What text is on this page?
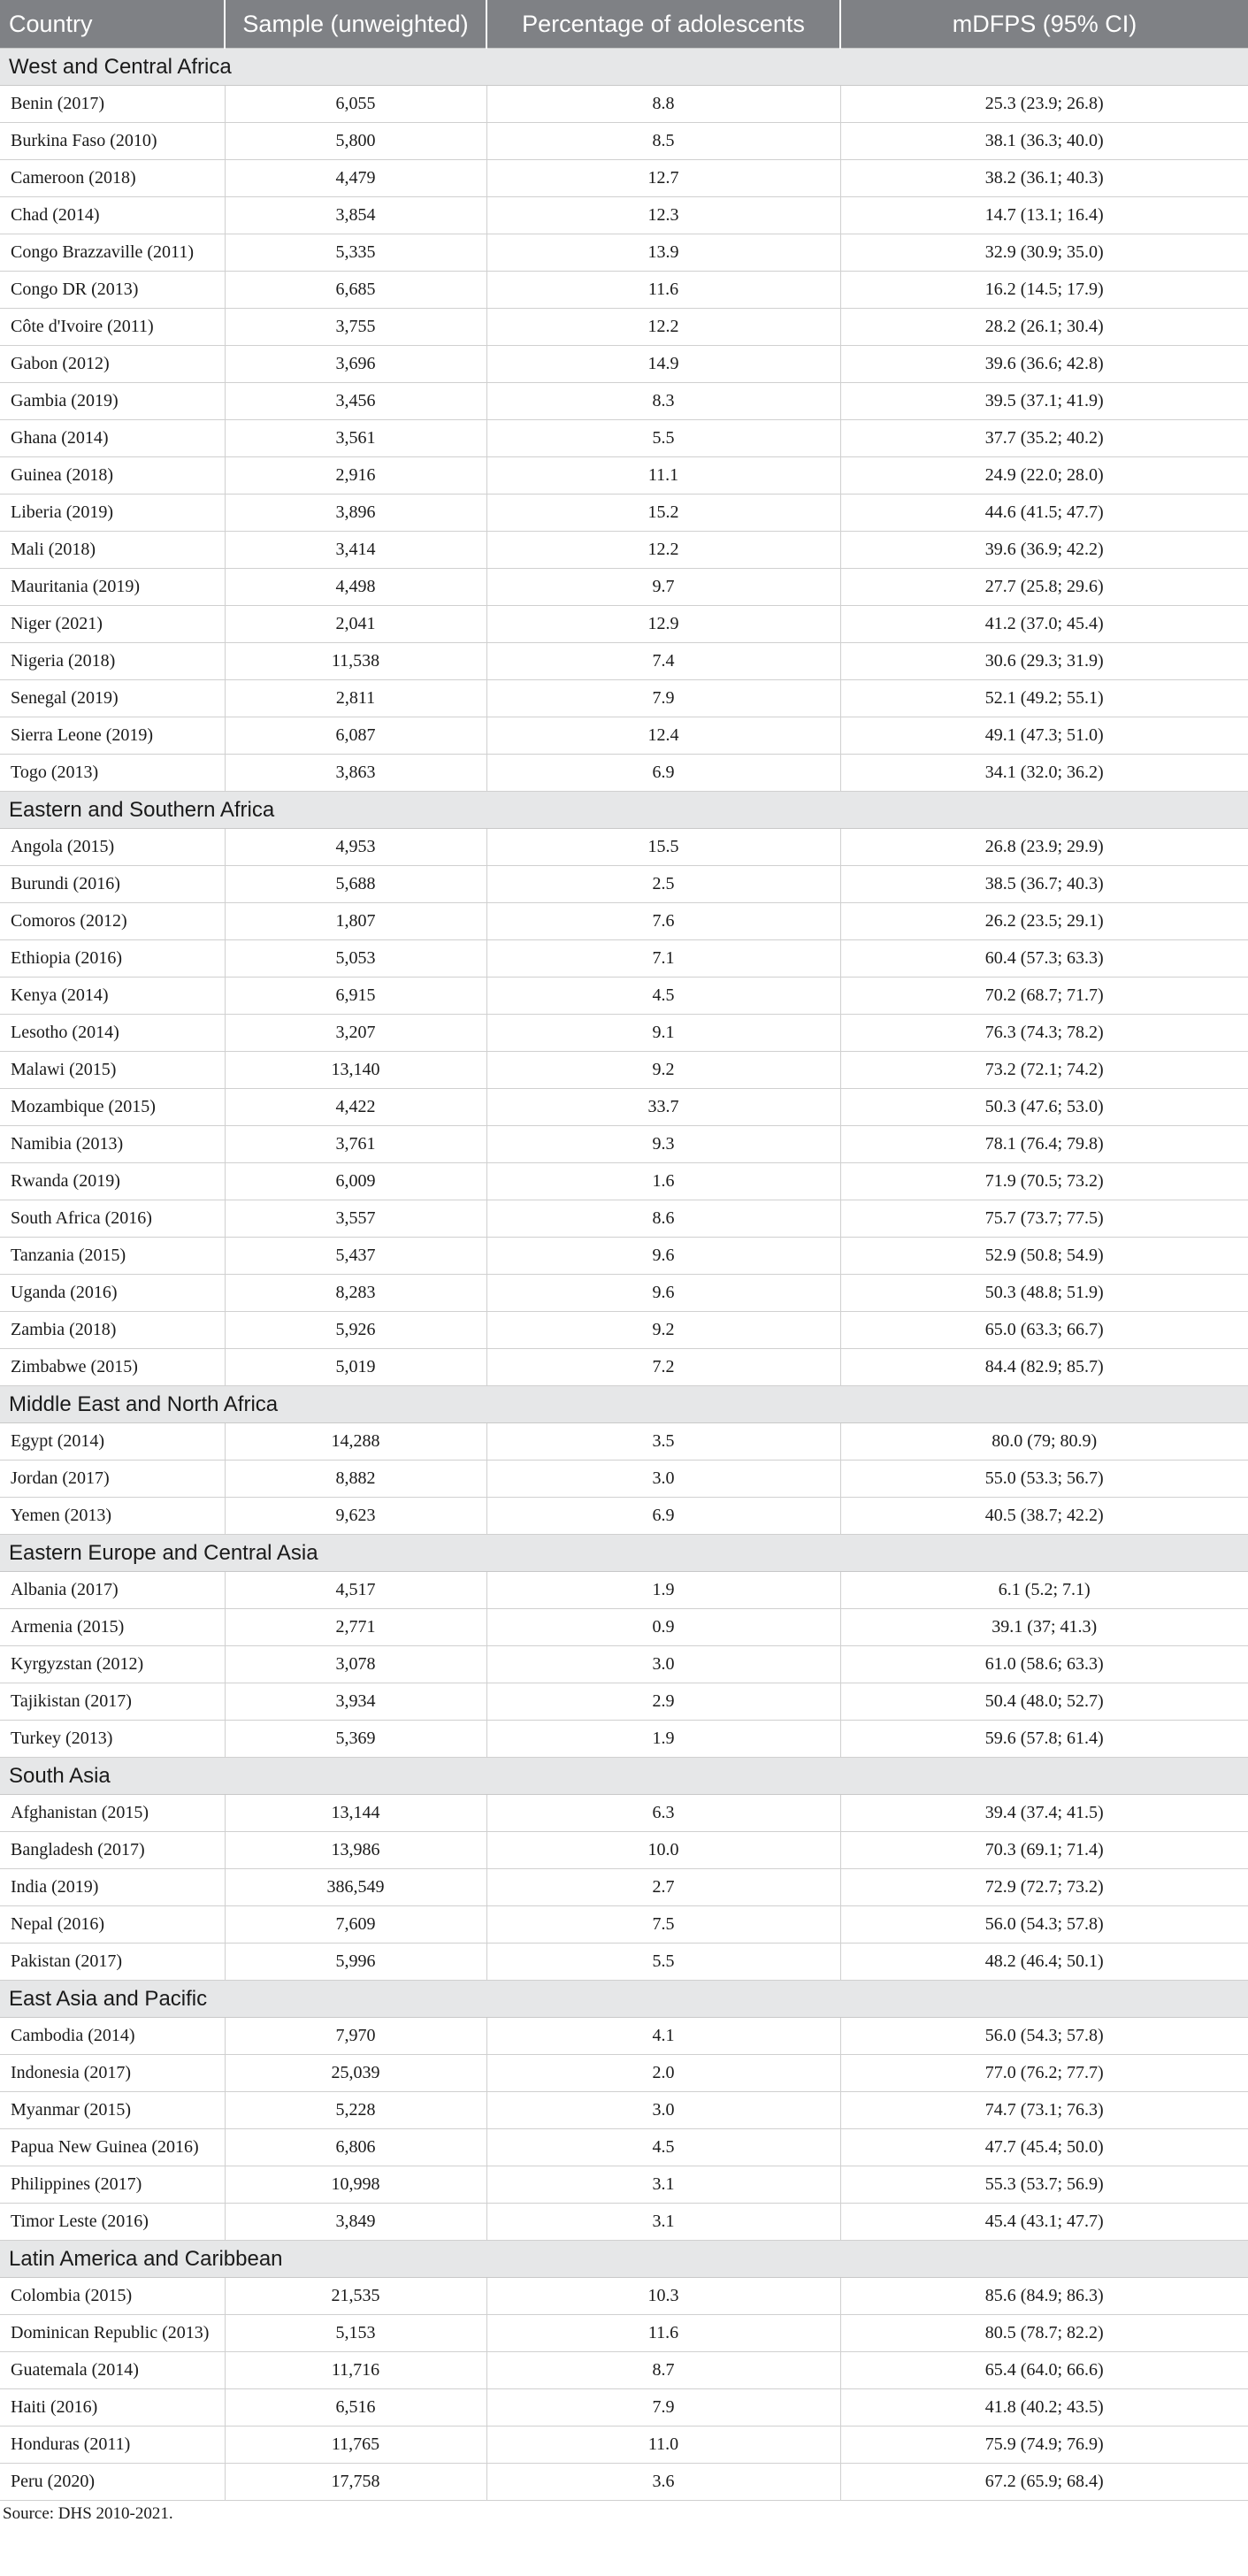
Country	Sample (unweighted)	Percentage of adolescents	mDFPS (95% CI)
West and Central Africa			
Benin (2017)	6,055	8.8	25.3 (23.9; 26.8)
Burkina Faso (2010)	5,800	8.5	38.1 (36.3; 40.0)
Cameroon (2018)	4,479	12.7	38.2 (36.1; 40.3)
Chad (2014)	3,854	12.3	14.7 (13.1; 16.4)
Congo Brazzaville (2011)	5,335	13.9	32.9 (30.9; 35.0)
Congo DR (2013)	6,685	11.6	16.2 (14.5; 17.9)
Côte d'Ivoire (2011)	3,755	12.2	28.2 (26.1; 30.4)
Gabon (2012)	3,696	14.9	39.6 (36.6; 42.8)
Gambia (2019)	3,456	8.3	39.5 (37.1; 41.9)
Ghana (2014)	3,561	5.5	37.7 (35.2; 40.2)
Guinea (2018)	2,916	11.1	24.9 (22.0; 28.0)
Liberia (2019)	3,896	15.2	44.6 (41.5; 47.7)
Mali (2018)	3,414	12.2	39.6 (36.9; 42.2)
Mauritania (2019)	4,498	9.7	27.7 (25.8; 29.6)
Niger (2021)	2,041	12.9	41.2 (37.0; 45.4)
Nigeria (2018)	11,538	7.4	30.6 (29.3; 31.9)
Senegal (2019)	2,811	7.9	52.1 (49.2; 55.1)
Sierra Leone (2019)	6,087	12.4	49.1 (47.3; 51.0)
Togo (2013)	3,863	6.9	34.1 (32.0; 36.2)
Eastern and Southern Africa			
Angola (2015)	4,953	15.5	26.8 (23.9; 29.9)
Burundi (2016)	5,688	2.5	38.5 (36.7; 40.3)
Comoros (2012)	1,807	7.6	26.2 (23.5; 29.1)
Ethiopia (2016)	5,053	7.1	60.4 (57.3; 63.3)
Kenya (2014)	6,915	4.5	70.2 (68.7; 71.7)
Lesotho (2014)	3,207	9.1	76.3 (74.3; 78.2)
Malawi (2015)	13,140	9.2	73.2 (72.1; 74.2)
Mozambique (2015)	4,422	33.7	50.3 (47.6; 53.0)
Namibia (2013)	3,761	9.3	78.1 (76.4; 79.8)
Rwanda (2019)	6,009	1.6	71.9 (70.5; 73.2)
South Africa (2016)	3,557	8.6	75.7 (73.7; 77.5)
Tanzania (2015)	5,437	9.6	52.9 (50.8; 54.9)
Uganda (2016)	8,283	9.6	50.3 (48.8; 51.9)
Zambia (2018)	5,926	9.2	65.0 (63.3; 66.7)
Zimbabwe (2015)	5,019	7.2	84.4 (82.9; 85.7)
Middle East and North Africa			
Egypt (2014)	14,288	3.5	80.0 (79; 80.9)
Jordan (2017)	8,882	3.0	55.0 (53.3; 56.7)
Yemen (2013)	9,623	6.9	40.5 (38.7; 42.2)
Eastern Europe and Central Asia			
Albania (2017)	4,517	1.9	6.1 (5.2; 7.1)
Armenia (2015)	2,771	0.9	39.1 (37; 41.3)
Kyrgyzstan (2012)	3,078	3.0	61.0 (58.6; 63.3)
Tajikistan (2017)	3,934	2.9	50.4 (48.0; 52.7)
Turkey (2013)	5,369	1.9	59.6 (57.8; 61.4)
South Asia			
Afghanistan (2015)	13,144	6.3	39.4 (37.4; 41.5)
Bangladesh (2017)	13,986	10.0	70.3 (69.1; 71.4)
India (2019)	386,549	2.7	72.9 (72.7; 73.2)
Nepal (2016)	7,609	7.5	56.0 (54.3; 57.8)
Pakistan (2017)	5,996	5.5	48.2 (46.4; 50.1)
East Asia and Pacific			
Cambodia (2014)	7,970	4.1	56.0 (54.3; 57.8)
Indonesia (2017)	25,039	2.0	77.0 (76.2; 77.7)
Myanmar (2015)	5,228	3.0	74.7 (73.1; 76.3)
Papua New Guinea (2016)	6,806	4.5	47.7 (45.4; 50.0)
Philippines (2017)	10,998	3.1	55.3 (53.7; 56.9)
Timor Leste (2016)	3,849	3.1	45.4 (43.1; 47.7)
Latin America and Caribbean			
Colombia (2015)	21,535	10.3	85.6 (84.9; 86.3)
Dominican Republic (2013)	5,153	11.6	80.5 (78.7; 82.2)
Guatemala (2014)	11,716	8.7	65.4 (64.0; 66.6)
Haiti (2016)	6,516	7.9	41.8 (40.2; 43.5)
Honduras (2011)	11,765	11.0	75.9 (74.9; 76.9)
Peru (2020)	17,758	3.6	67.2 (65.9; 68.4)
Source: DHS 2010-2021.
